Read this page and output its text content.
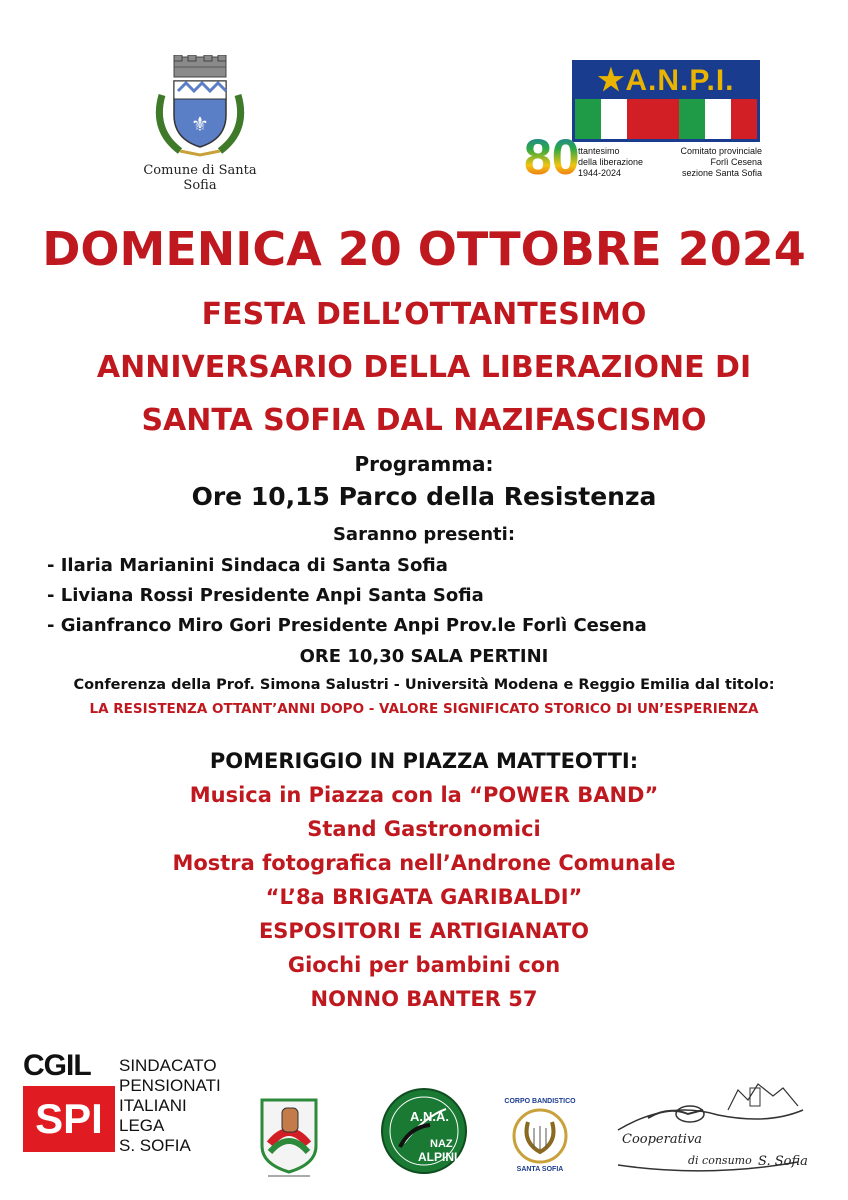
⚜
Comune di Santa Sofia
★A.N.P.I.
80
ttantesimo
della liberazione
1944-2024
Comitato provinciale
Forlì Cesena
sezione Santa Sofia
DOMENICA 20 OTTOBRE 2024
FESTA DELL’OTTANTESIMO
ANNIVERSARIO DELLA LIBERAZIONE DI
SANTA SOFIA DAL NAZIFASCISMO
Programma:
Ore 10,15 Parco della Resistenza
Saranno presenti:
- Ilaria Marianini Sindaca di Santa Sofia
- Liviana Rossi Presidente Anpi Santa Sofia
- Gianfranco Miro Gori Presidente Anpi Prov.le Forlì Cesena
ORE 10,30 SALA PERTINI
Conferenza della Prof. Simona Salustri - Università Modena e Reggio Emilia dal titolo:
LA RESISTENZA OTTANT’ANNI DOPO - VALORE SIGNIFICATO STORICO DI UN’ESPERIENZA
POMERIGGIO IN PIAZZA MATTEOTTI:
Musica in Piazza con la “POWER BAND”
Stand Gastronomici
Mostra fotografica nell’Androne Comunale
“L’8a BRIGATA GARIBALDI”
ESPOSITORI E ARTIGIANATO
Giochi per bambini con
NONNO BANTER 57
CGIL
SPI
SINDACATO
PENSIONATI
ITALIANI
LEGA
S. SOFIA
A.N.A.
NAZ
ALPINI
CORPO BANDISTICO
SANTA SOFIA
Cooperativa
di consumo S. Sofia
